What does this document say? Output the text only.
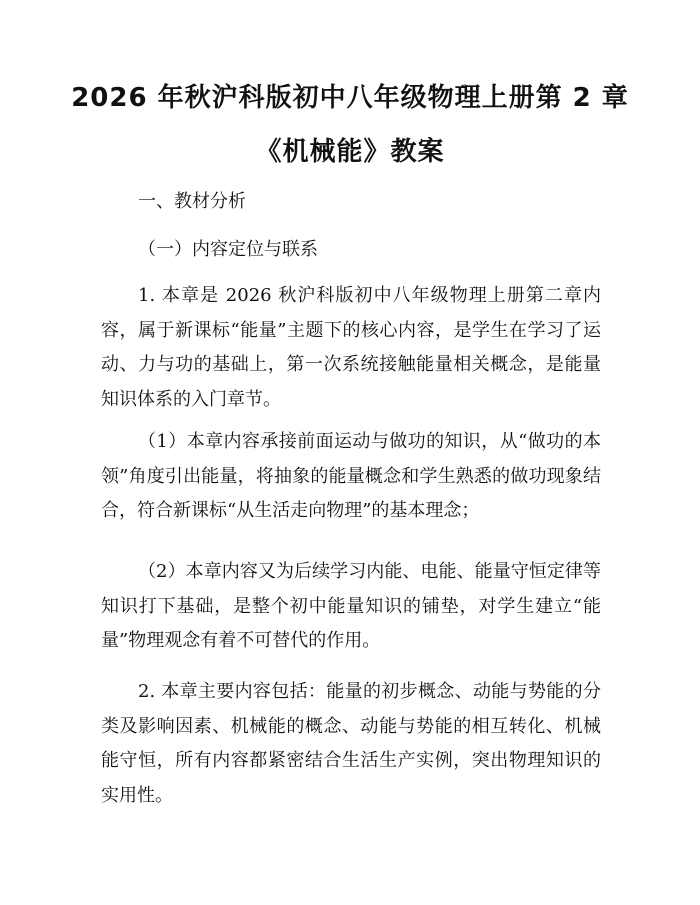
2026 年秋沪科版初中八年级物理上册第 2 章
《机械能》教案

一、教材分析

（一）内容定位与联系

1. 本章是 2026 秋沪科版初中八年级物理上册第二章内容，属于新课标“能量”主题下的核心内容，是学生在学习了运动、力与功的基础上，第一次系统接触能量相关概念，是能量知识体系的入门章节。

（1）本章内容承接前面运动与做功的知识，从“做功的本领”角度引出能量，将抽象的能量概念和学生熟悉的做功现象结合，符合新课标“从生活走向物理”的基本理念；

（2）本章内容又为后续学习内能、电能、能量守恒定律等知识打下基础，是整个初中能量知识的铺垫，对学生建立“能量”物理观念有着不可替代的作用。

2. 本章主要内容包括：能量的初步概念、动能与势能的分类及影响因素、机械能的概念、动能与势能的相互转化、机械能守恒，所有内容都紧密结合生活生产实例，突出物理知识的实用性。
